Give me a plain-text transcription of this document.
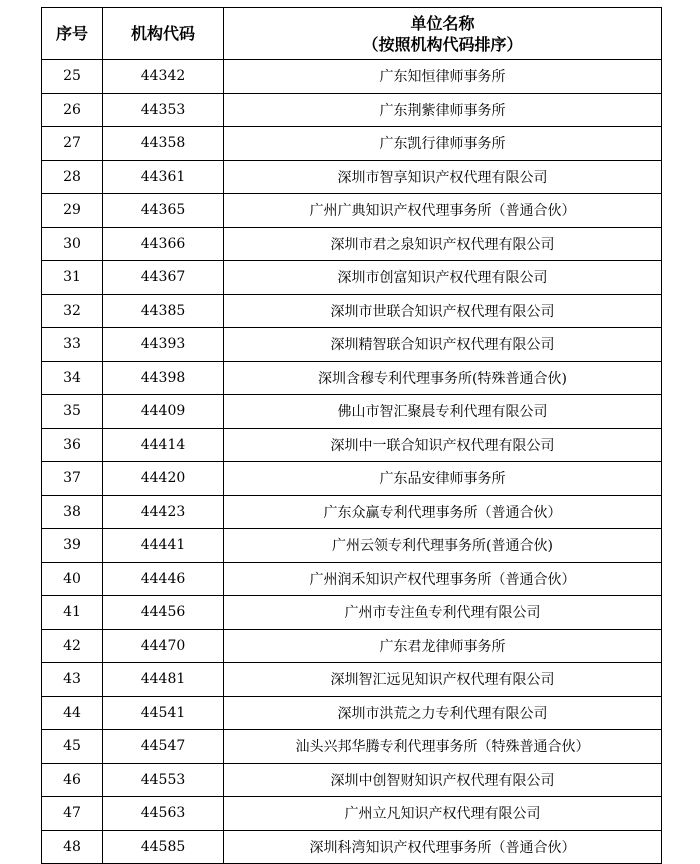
序号	机构代码	单位名称
（按照机构代码排序）

25	44342	广东知恒律师事务所
26	44353	广东荆紫律师事务所
27	44358	广东凯行律师事务所
28	44361	深圳市智享知识产权代理有限公司
29	44365	广州广典知识产权代理事务所（普通合伙）
30	44366	深圳市君之泉知识产权代理有限公司
31	44367	深圳市创富知识产权代理有限公司
32	44385	深圳市世联合知识产权代理有限公司
33	44393	深圳精智联合知识产权代理有限公司
34	44398	深圳含穆专利代理事务所(特殊普通合伙)
35	44409	佛山市智汇聚晨专利代理有限公司
36	44414	深圳中一联合知识产权代理有限公司
37	44420	广东品安律师事务所
38	44423	广东众赢专利代理事务所（普通合伙）
39	44441	广州云领专利代理事务所(普通合伙)
40	44446	广州润禾知识产权代理事务所（普通合伙）
41	44456	广州市专注鱼专利代理有限公司
42	44470	广东君龙律师事务所
43	44481	深圳智汇远见知识产权代理有限公司
44	44541	深圳市洪荒之力专利代理有限公司
45	44547	汕头兴邦华腾专利代理事务所（特殊普通合伙）
46	44553	深圳中创智财知识产权代理有限公司
47	44563	广州立凡知识产权代理有限公司
48	44585	深圳科湾知识产权代理事务所（普通合伙）
